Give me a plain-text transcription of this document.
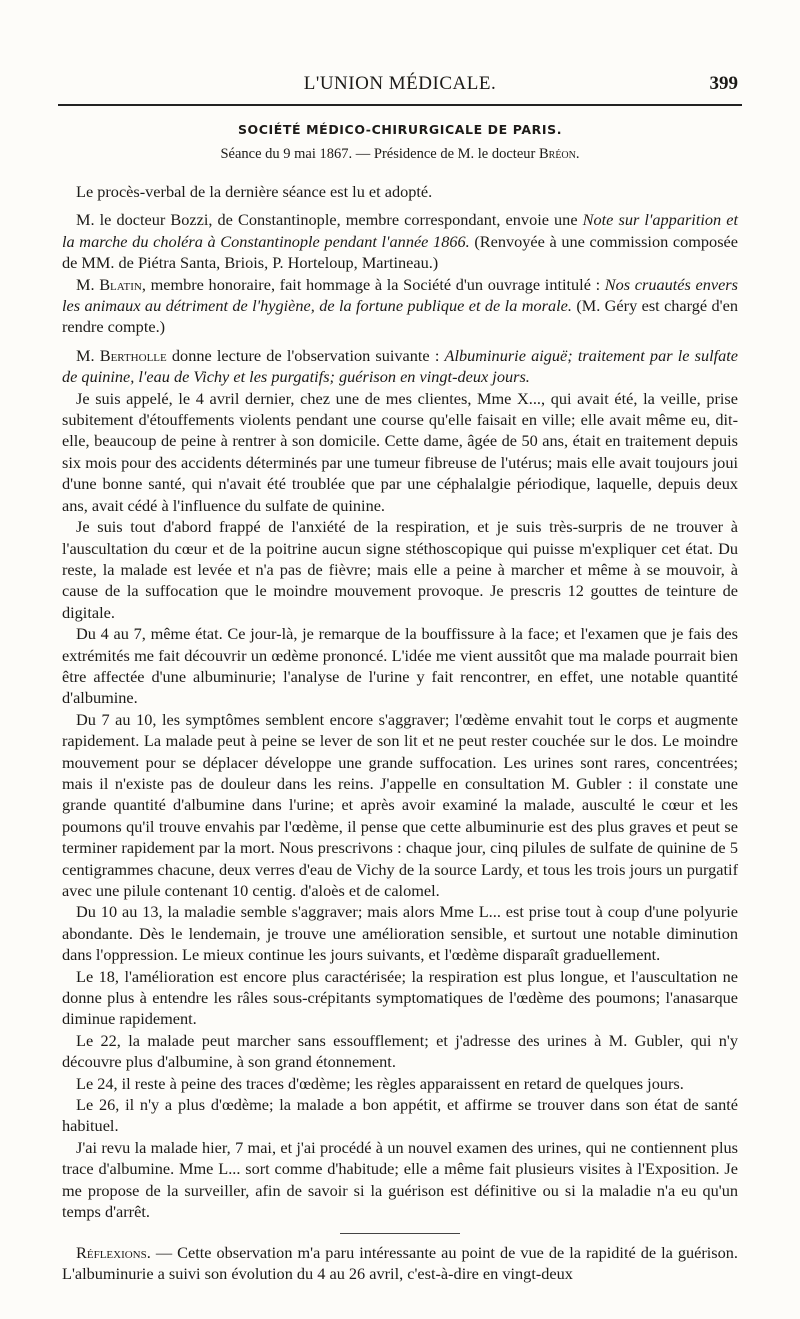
L'UNION MÉDICALE.	399
SOCIÉTÉ MÉDICO-CHIRURGICALE DE PARIS.
Séance du 9 mai 1867. — Présidence de M. le docteur Bréon.

Le procès-verbal de la dernière séance est lu et adopté.

M. le docteur Bozzi, de Constantinople, membre correspondant, envoie une Note sur l'apparition et la marche du choléra à Constantinople pendant l'année 1866. (Renvoyée à une commission composée de MM. de Piétra Santa, Briois, P. Horteloup, Martineau.)

M. Blatin, membre honoraire, fait hommage à la Société d'un ouvrage intitulé : Nos cruautés envers les animaux au détriment de l'hygiène, de la fortune publique et de la morale. (M. Géry est chargé d'en rendre compte.)

M. Bertholle donne lecture de l'observation suivante : Albuminurie aiguë; traitement par le sulfate de quinine, l'eau de Vichy et les purgatifs; guérison en vingt-deux jours.

Je suis appelé, le 4 avril dernier, chez une de mes clientes, Mme X..., qui avait été, la veille, prise subitement d'étouffements violents pendant une course qu'elle faisait en ville; elle avait même eu, dit-elle, beaucoup de peine à rentrer à son domicile. Cette dame, âgée de 50 ans, était en traitement depuis six mois pour des accidents déterminés par une tumeur fibreuse de l'utérus; mais elle avait toujours joui d'une bonne santé, qui n'avait été troublée que par une céphalalgie périodique, laquelle, depuis deux ans, avait cédé à l'influence du sulfate de quinine.

Je suis tout d'abord frappé de l'anxiété de la respiration, et je suis très-surpris de ne trouver à l'auscultation du cœur et de la poitrine aucun signe stéthoscopique qui puisse m'expliquer cet état. Du reste, la malade est levée et n'a pas de fièvre; mais elle a peine à marcher et même à se mouvoir, à cause de la suffocation que le moindre mouvement provoque. Je prescris 12 gouttes de teinture de digitale.

Du 4 au 7, même état. Ce jour-là, je remarque de la bouffissure à la face; et l'examen que je fais des extrémités me fait découvrir un œdème prononcé. L'idée me vient aussitôt que ma malade pourrait bien être affectée d'une albuminurie; l'analyse de l'urine y fait rencontrer, en effet, une notable quantité d'albumine.

Du 7 au 10, les symptômes semblent encore s'aggraver; l'œdème envahit tout le corps et augmente rapidement. La malade peut à peine se lever de son lit et ne peut rester couchée sur le dos. Le moindre mouvement pour se déplacer développe une grande suffocation. Les urines sont rares, concentrées; mais il n'existe pas de douleur dans les reins. J'appelle en consultation M. Gubler : il constate une grande quantité d'albumine dans l'urine; et après avoir examiné la malade, ausculté le cœur et les poumons qu'il trouve envahis par l'œdème, il pense que cette albuminurie est des plus graves et peut se terminer rapidement par la mort. Nous prescrivons : chaque jour, cinq pilules de sulfate de quinine de 5 centigrammes chacune, deux verres d'eau de Vichy de la source Lardy, et tous les trois jours un purgatif avec une pilule contenant 10 centig. d'aloès et de calomel.

Du 10 au 13, la maladie semble s'aggraver; mais alors Mme L... est prise tout à coup d'une polyurie abondante. Dès le lendemain, je trouve une amélioration sensible, et surtout une notable diminution dans l'oppression. Le mieux continue les jours suivants, et l'œdème disparaît graduellement.

Le 18, l'amélioration est encore plus caractérisée; la respiration est plus longue, et l'auscultation ne donne plus à entendre les râles sous-crépitants symptomatiques de l'œdème des poumons; l'anasarque diminue rapidement.

Le 22, la malade peut marcher sans essoufflement; et j'adresse des urines à M. Gubler, qui n'y découvre plus d'albumine, à son grand étonnement.

Le 24, il reste à peine des traces d'œdème; les règles apparaissent en retard de quelques jours.

Le 26, il n'y a plus d'œdème; la malade a bon appétit, et affirme se trouver dans son état de santé habituel.

J'ai revu la malade hier, 7 mai, et j'ai procédé à un nouvel examen des urines, qui ne contiennent plus trace d'albumine. Mme L... sort comme d'habitude; elle a même fait plusieurs visites à l'Exposition. Je me propose de la surveiller, afin de savoir si la guérison est définitive ou si la maladie n'a eu qu'un temps d'arrêt.

Réflexions. — Cette observation m'a paru intéressante au point de vue de la rapidité de la guérison. L'albuminurie a suivi son évolution du 4 au 26 avril, c'est-à-dire en vingt-deux
